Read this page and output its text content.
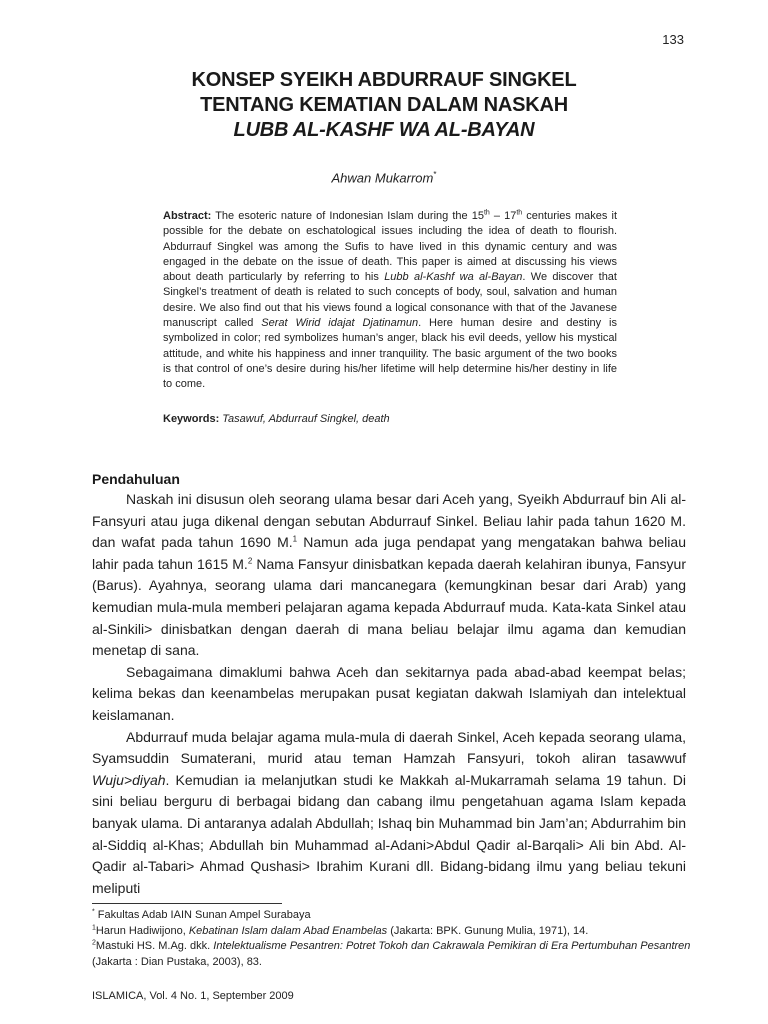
133
KONSEP SYEIKH ABDURRAUF SINGKEL
TENTANG KEMATIAN DALAM NASKAH
LUBB AL-KASHF WA AL-BAYAN
Ahwan Mukarrom*
Abstract: The esoteric nature of Indonesian Islam during the 15th – 17th centuries makes it possible for the debate on eschatological issues including the idea of death to flourish. Abdurrauf Singkel was among the Sufis to have lived in this dynamic century and was engaged in the debate on the issue of death. This paper is aimed at discussing his views about death particularly by referring to his Lubb al-Kashf wa al-Bayan. We discover that Singkel’s treatment of death is related to such concepts of body, soul, salvation and human desire. We also find out that his views found a logical consonance with that of the Javanese manuscript called Serat Wirid idajat Djatinamun. Here human desire and destiny is symbolized in color; red symbolizes human’s anger, black his evil deeds, yellow his mystical attitude, and white his happiness and inner tranquility. The basic argument of the two books is that control of one’s desire during his/her lifetime will help determine his/her destiny in life to come.
Keywords: Tasawuf, Abdurrauf Singkel, death
Pendahuluan

Naskah ini disusun oleh seorang ulama besar dari Aceh yang, Syeikh Abdurrauf bin Ali al-Fansyuri atau juga dikenal dengan sebutan Abdurrauf Sinkel. Beliau lahir pada tahun 1620 M. dan wafat pada tahun 1690 M.$^1$ Namun ada juga pendapat yang mengatakan bahwa beliau lahir pada tahun 1615 M.$^2$ Nama Fansyur dinisbatkan kepada daerah kelahiran ibunya, Fansyur (Barus). Ayahnya, seorang ulama dari mancanegara (kemungkinan besar dari Arab) yang kemudian mula-mula memberi pelajaran agama kepada Abdurrauf muda. Kata-kata Sinkel atau al-Sinkili> dinisbatkan dengan daerah di mana beliau belajar ilmu agama dan kemudian menetap di sana.

Sebagaimana dimaklumi bahwa Aceh dan sekitarnya pada abad-abad keempat belas; kelima bekas dan keenambelas merupakan pusat kegiatan dakwah Islamiyah dan intelektual keislamanan.

Abdurrauf muda belajar agama mula-mula di daerah Sinkel, Aceh kepada seorang ulama, Syamsuddin Sumaterani, murid atau teman Hamzah Fansyuri, tokoh aliran tasawwuf Wuju>diyah. Kemudian ia melanjutkan studi ke Makkah al-Mukarramah selama 19 tahun. Di sini beliau berguru di berbagai bidang dan cabang ilmu pengetahuan agama Islam kepada banyak ulama. Di antaranya adalah Abdullah; Ishaq bin Muhammad bin Jam’an; Abdurrahim bin al-Siddiq al-Khas; Abdullah bin Muhammad al-Adani>Abdul Qadir al-Barqali> Ali bin Abd. Al-Qadir al-Tabari> Ahmad Qushasi> Ibrahim Kurani dll. Bidang-bidang ilmu yang beliau tekuni meliputi

* Fakultas Adab IAIN Sunan Ampel Surabaya
$^1$Harun Hadiwijono, Kebatinan Islam dalam Abad Enambelas (Jakarta: BPK. Gunung Mulia, 1971), 14.
$^2$Mastuki HS. M.Ag. dkk. Intelektualisme Pesantren: Potret Tokoh dan Cakrawala Pemikiran di Era Pertumbuhan Pesantren (Jakarta : Dian Pustaka, 2003), 83.
ISLAMICA, Vol. 4 No. 1, September 2009
